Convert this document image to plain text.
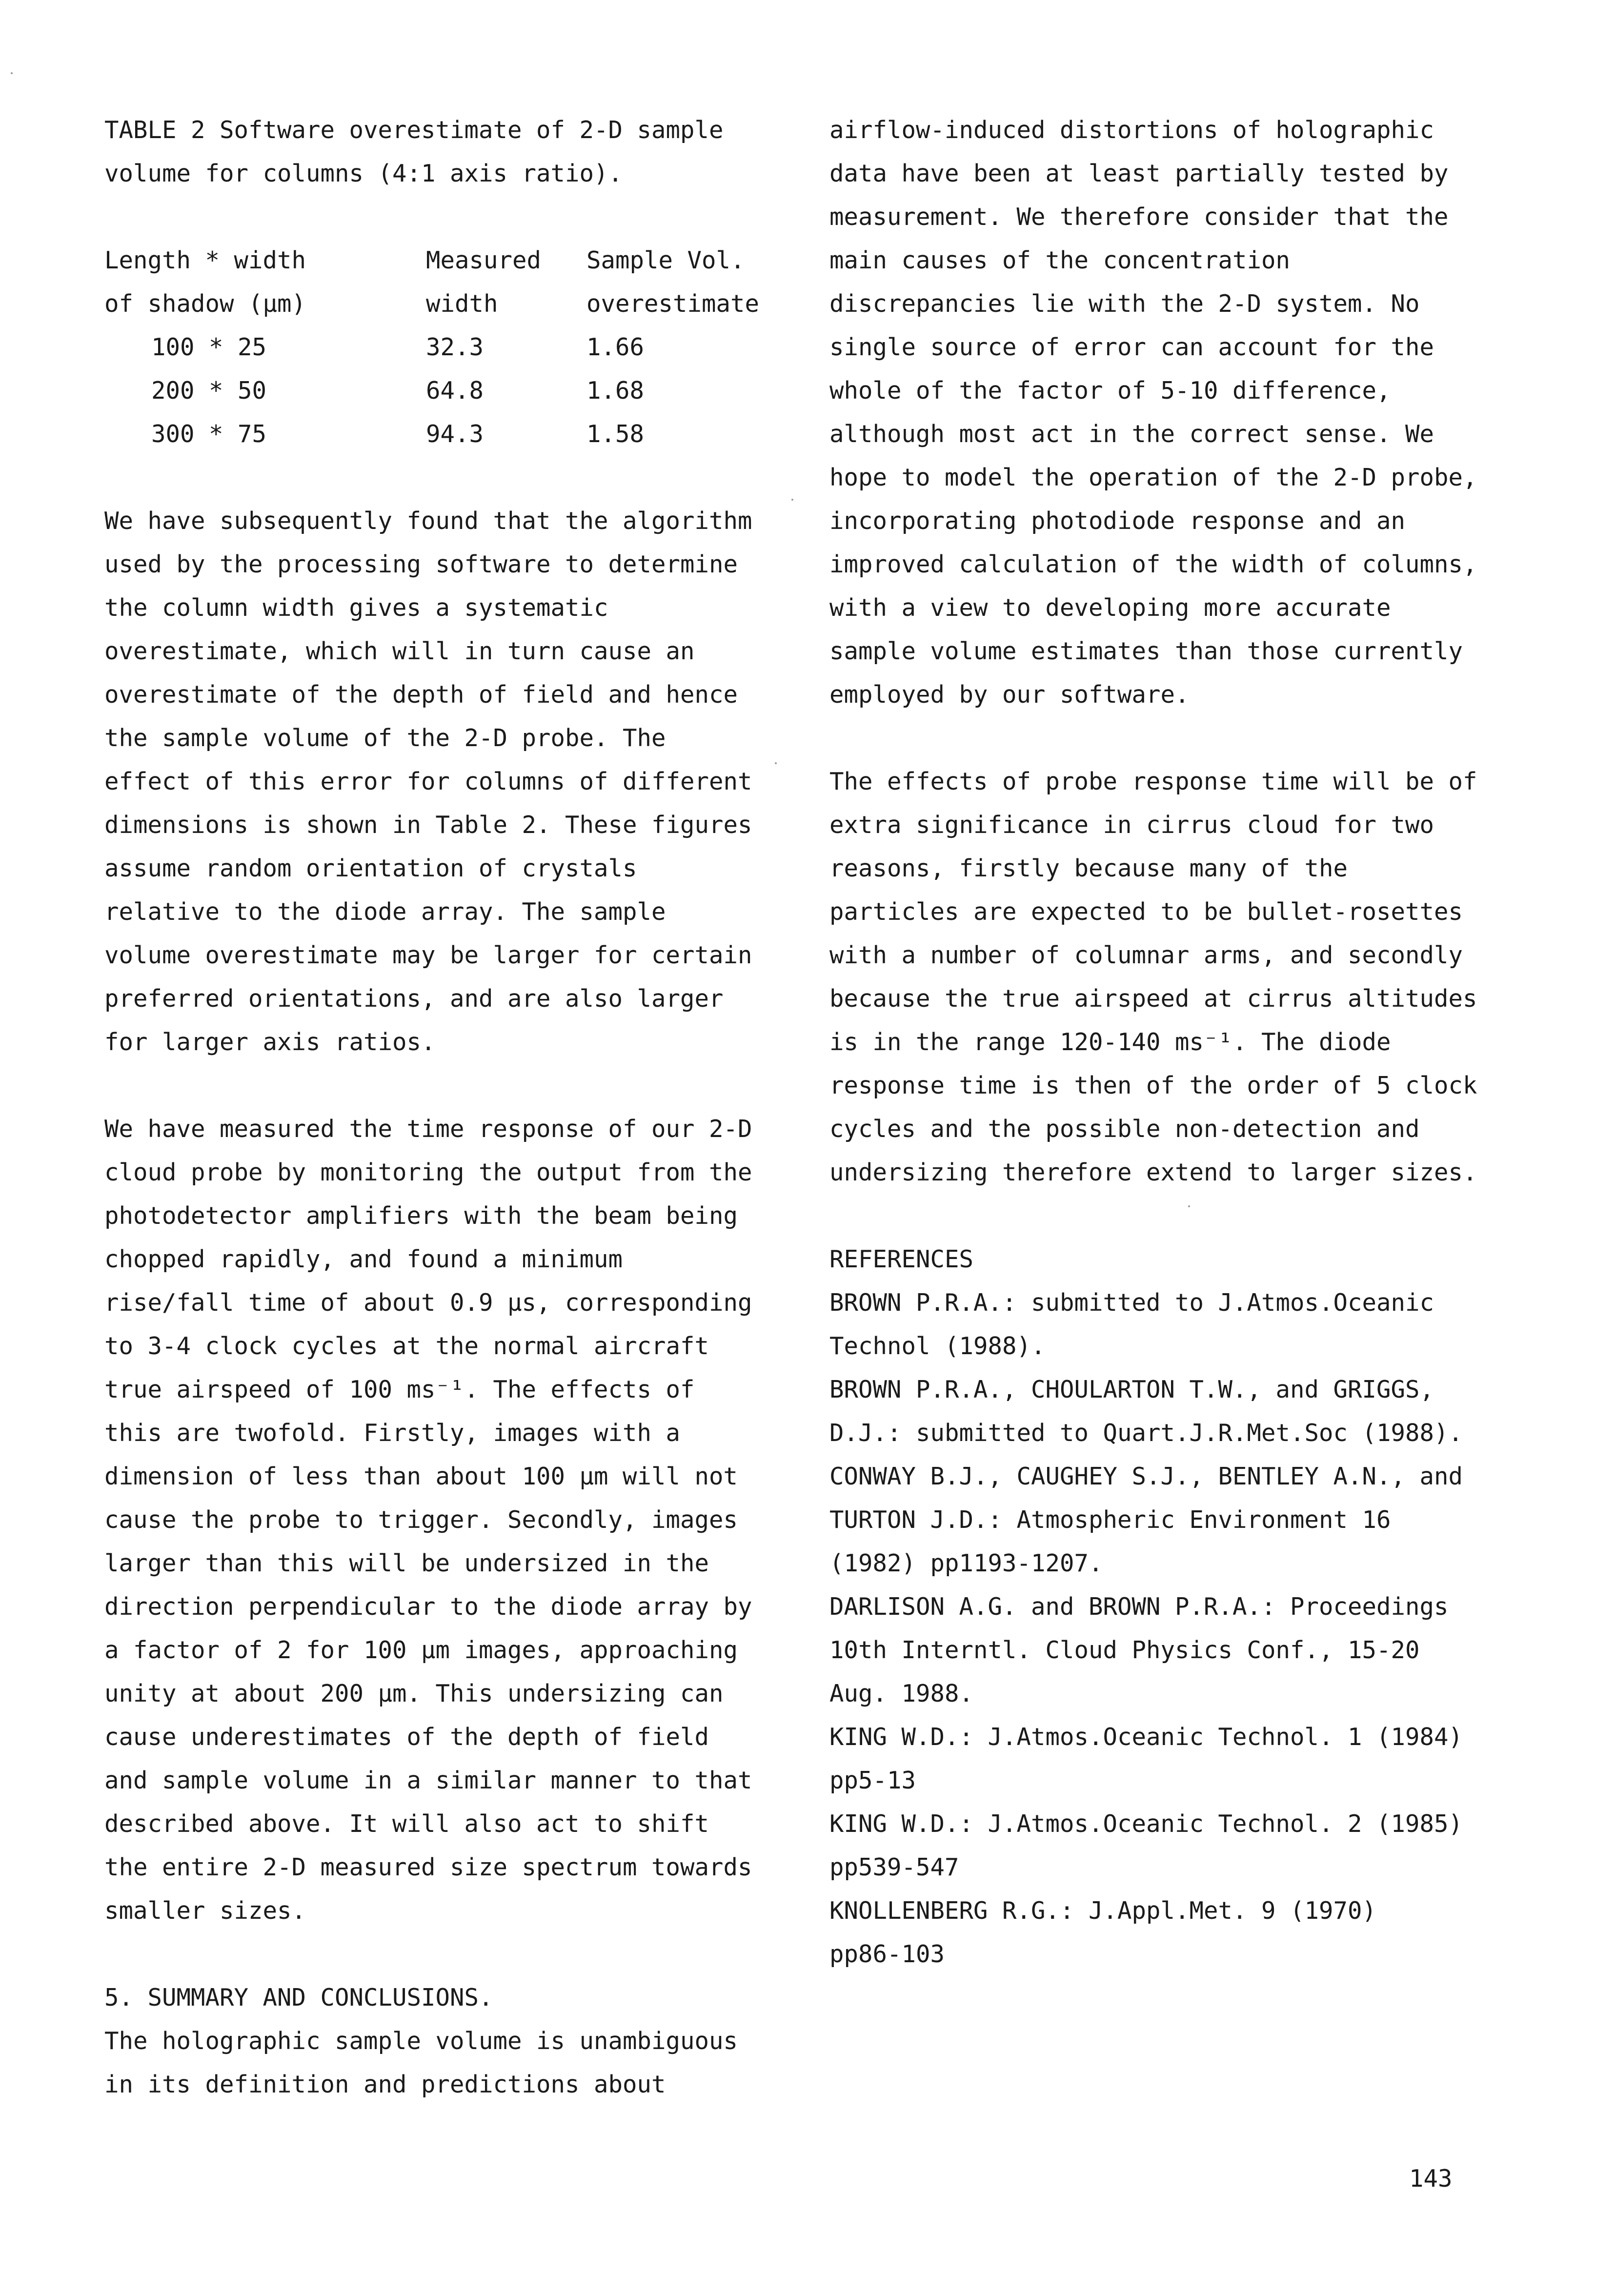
TABLE 2 Software overestimate of 2-D sample
volume for columns (4:1 axis ratio).
Length * width	Measured	Sample Vol.
of shadow (µm)	width	overestimate
100 * 25	32.3	1.66
200 * 50	64.8	1.68
300 * 75	94.3	1.58

We have subsequently found that the algorithm
used by the processing software to determine
the column width gives a systematic
overestimate, which will in turn cause an
overestimate of the depth of field and hence
the sample volume of the 2-D probe. The
effect of this error for columns of different
dimensions is shown in Table 2. These figures
assume random orientation of crystals
relative to the diode array. The sample
volume overestimate may be larger for certain
preferred orientations, and are also larger
for larger axis ratios.

We have measured the time response of our 2-D
cloud probe by monitoring the output from the
photodetector amplifiers with the beam being
chopped rapidly, and found a minimum
rise/fall time of about 0.9 µs, corresponding
to 3-4 clock cycles at the normal aircraft
true airspeed of 100 ms⁻¹. The effects of
this are twofold. Firstly, images with a
dimension of less than about 100 µm will not
cause the probe to trigger. Secondly, images
larger than this will be undersized in the
direction perpendicular to the diode array by
a factor of 2 for 100 µm images, approaching
unity at about 200 µm. This undersizing can
cause underestimates of the depth of field
and sample volume in a similar manner to that
described above. It will also act to shift
the entire 2-D measured size spectrum towards
smaller sizes.

5. SUMMARY AND CONCLUSIONS.

The holographic sample volume is unambiguous
in its definition and predictions about

airflow-induced distortions of holographic
data have been at least partially tested by
measurement. We therefore consider that the
main causes of the concentration
discrepancies lie with the 2-D system. No
single source of error can account for the
whole of the factor of 5-10 difference,
although most act in the correct sense. We
hope to model the operation of the 2-D probe,
incorporating photodiode response and an
improved calculation of the width of columns,
with a view to developing more accurate
sample volume estimates than those currently
employed by our software.

The effects of probe response time will be of
extra significance in cirrus cloud for two
reasons, firstly because many of the
particles are expected to be bullet-rosettes
with a number of columnar arms, and secondly
because the true airspeed at cirrus altitudes
is in the range 120-140 ms⁻¹. The diode
response time is then of the order of 5 clock
cycles and the possible non-detection and
undersizing therefore extend to larger sizes.

REFERENCES

BROWN P.R.A.: submitted to J.Atmos.Oceanic
Technol (1988).
BROWN P.R.A., CHOULARTON T.W., and GRIGGS,
D.J.: submitted to Quart.J.R.Met.Soc (1988).
CONWAY B.J., CAUGHEY S.J., BENTLEY A.N., and
TURTON J.D.: Atmospheric Environment 16
(1982) pp1193-1207.
DARLISON A.G. and BROWN P.R.A.: Proceedings
10th Interntl. Cloud Physics Conf., 15-20
Aug. 1988.
KING W.D.: J.Atmos.Oceanic Technol. 1 (1984)
pp5-13
KING W.D.: J.Atmos.Oceanic Technol. 2 (1985)
pp539-547
KNOLLENBERG R.G.: J.Appl.Met. 9 (1970)
pp86-103

143
